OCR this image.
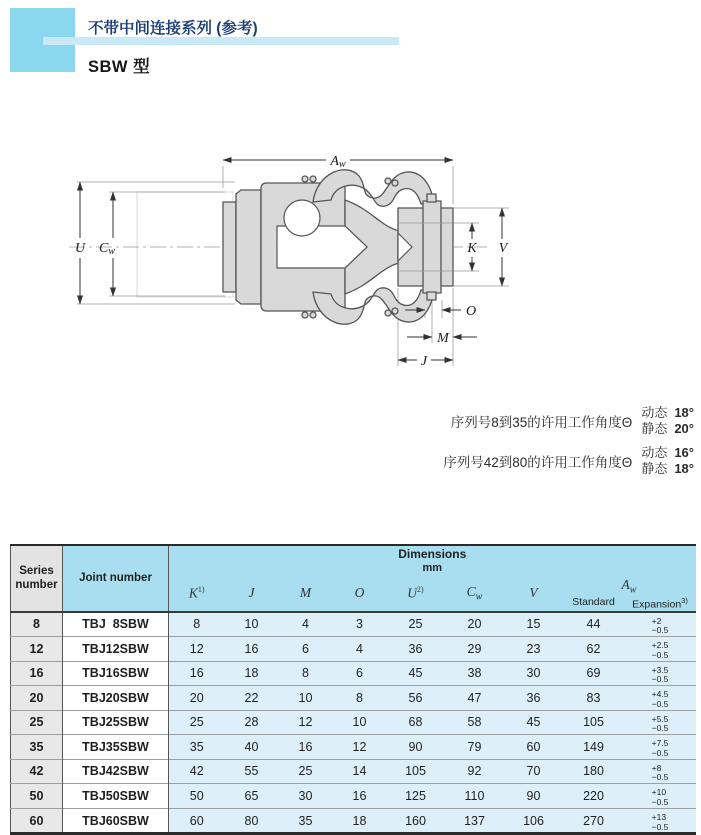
不带中间连接系列 (参考)
SBW 型
Aw
U Cw	K V
O
M
J
序列号8到35的许用工作角度Θ
动态 18°
静态 20°
序列号42到80的许用工作角度Θ
动态 16°
静态 18°
Series number	Joint number	Dimensions
mm								

		$K^{1)}$	J	M	O	$U^{2)}$	$C_w$	V	$A_w$
									Standard	Expansion$^{3)}$
8	TBJ  8SBW	8	10	4	3	25	20	15	44	+2
−0.5

12	TBJ12SBW	12	16	6	4	36	29	23	62	+2.5
−0.5

16	TBJ16SBW	16	18	8	6	45	38	30	69	+3.5
−0.5

20	TBJ20SBW	20	22	10	8	56	47	36	83	+4.5
−0.5

25	TBJ25SBW	25	28	12	10	68	58	45	105	+5.5
−0.5

35	TBJ35SBW	35	40	16	12	90	79	60	149	+7.5
−0.5

42	TBJ42SBW	42	55	25	14	105	92	70	180	+8
−0.5

50	TBJ50SBW	50	65	30	16	125	110	90	220	+10
−0.5

60	TBJ60SBW	60	80	35	18	160	137	106	270	+13
−0.5
